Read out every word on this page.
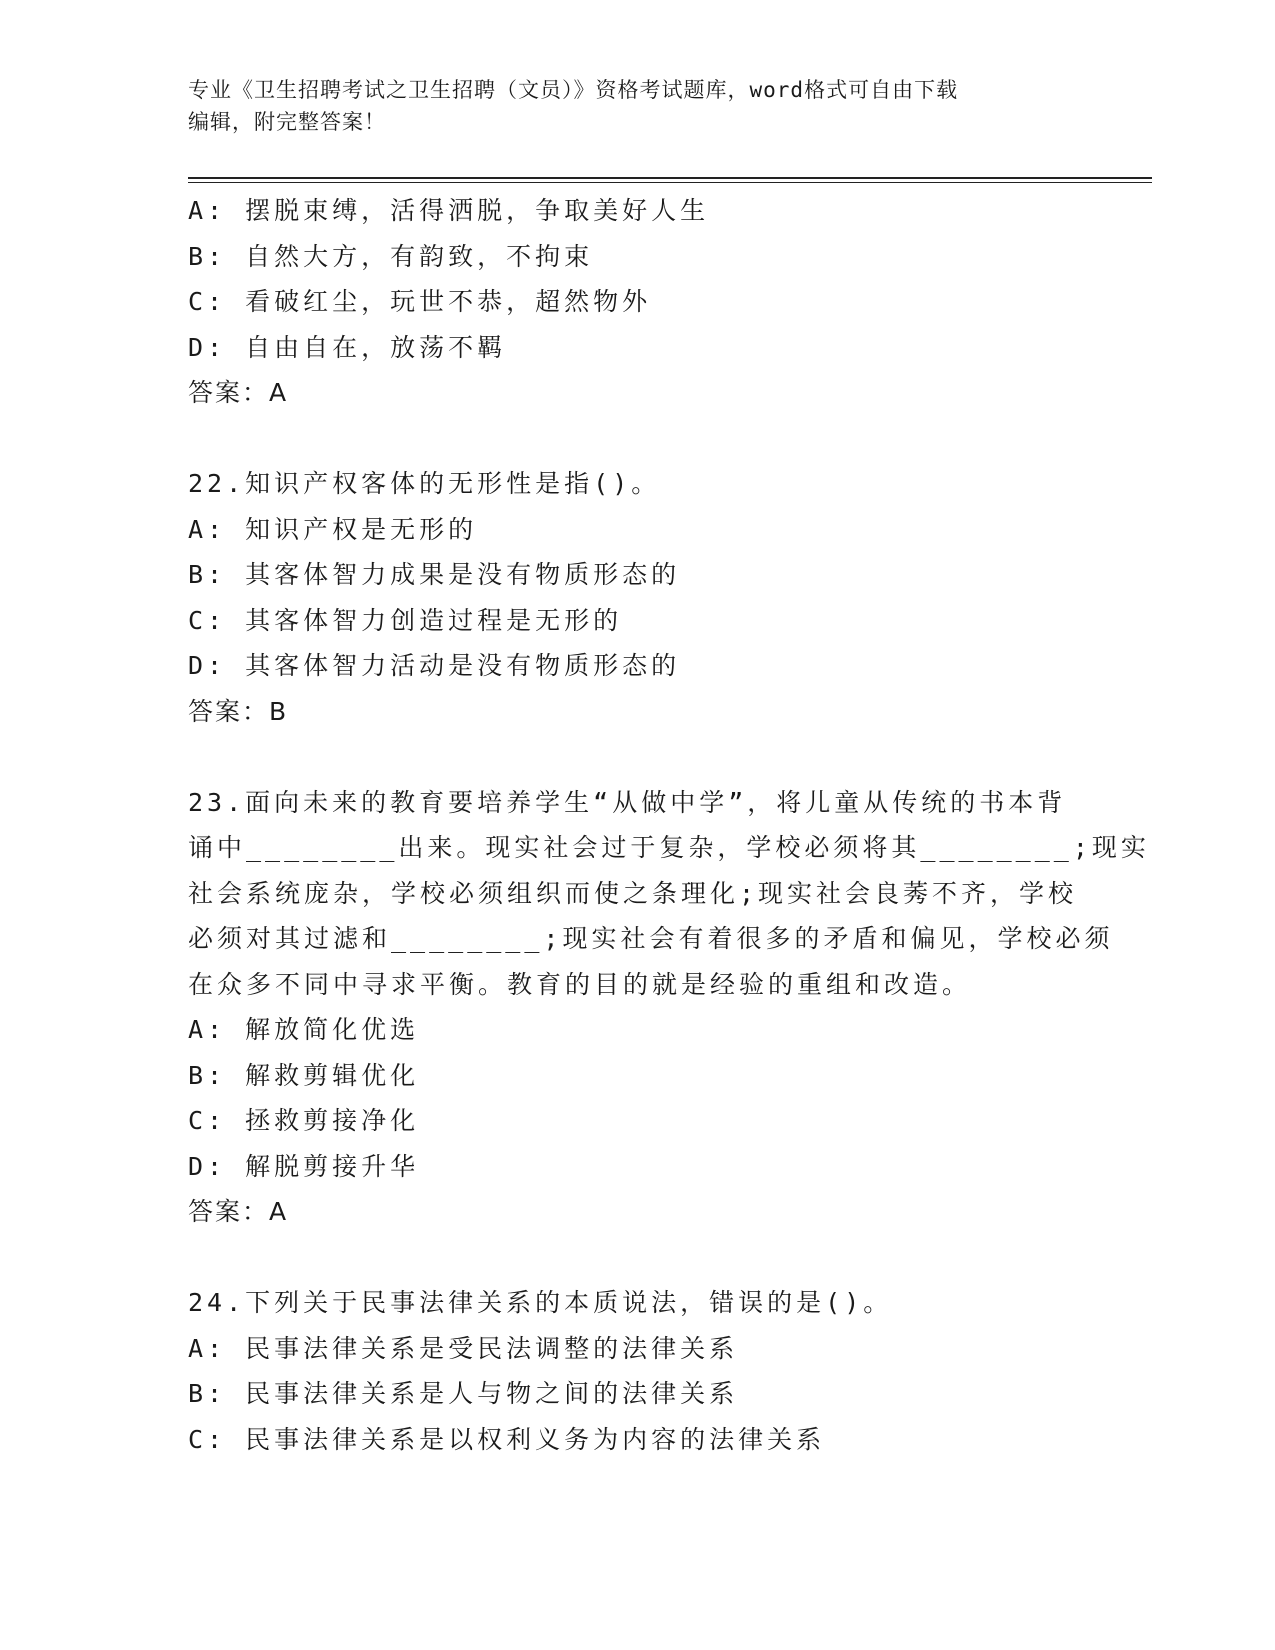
专业《卫生招聘考试之卫生招聘（文员）》资格考试题库，word格式可自由下载
编辑，附完整答案！
A: 摆脱束缚，活得洒脱，争取美好人生
B: 自然大方，有韵致，不拘束
C: 看破红尘，玩世不恭，超然物外
D: 自由自在，放荡不羁
答案：A
22.知识产权客体的无形性是指()。
A: 知识产权是无形的
B: 其客体智力成果是没有物质形态的
C: 其客体智力创造过程是无形的
D: 其客体智力活动是没有物质形态的
答案：B
23.面向未来的教育要培养学生“从做中学”，将儿童从传统的书本背
诵中________出来。现实社会过于复杂，学校必须将其________;现实
社会系统庞杂，学校必须组织而使之条理化;现实社会良莠不齐，学校
必须对其过滤和________;现实社会有着很多的矛盾和偏见，学校必须
在众多不同中寻求平衡。教育的目的就是经验的重组和改造。
A: 解放简化优选
B: 解救剪辑优化
C: 拯救剪接净化
D: 解脱剪接升华
答案：A
24.下列关于民事法律关系的本质说法，错误的是()。
A: 民事法律关系是受民法调整的法律关系
B: 民事法律关系是人与物之间的法律关系
C: 民事法律关系是以权利义务为内容的法律关系
